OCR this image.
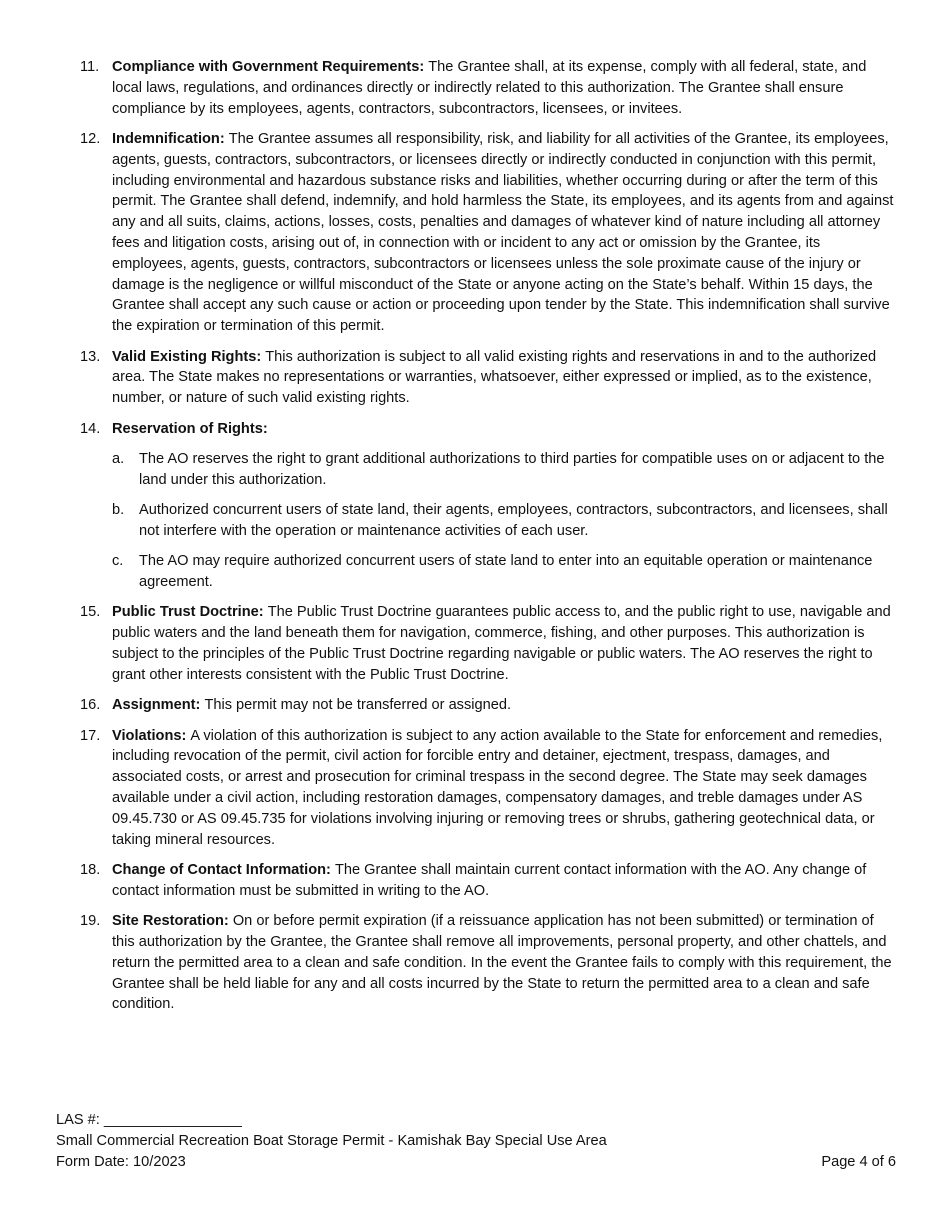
11. Compliance with Government Requirements: The Grantee shall, at its expense, comply with all federal, state, and local laws, regulations, and ordinances directly or indirectly related to this authorization. The Grantee shall ensure compliance by its employees, agents, contractors, subcontractors, licensees, or invitees.
12. Indemnification: The Grantee assumes all responsibility, risk, and liability for all activities of the Grantee, its employees, agents, guests, contractors, subcontractors, or licensees directly or indirectly conducted in conjunction with this permit, including environmental and hazardous substance risks and liabilities, whether occurring during or after the term of this permit. The Grantee shall defend, indemnify, and hold harmless the State, its employees, and its agents from and against any and all suits, claims, actions, losses, costs, penalties and damages of whatever kind of nature including all attorney fees and litigation costs, arising out of, in connection with or incident to any act or omission by the Grantee, its employees, agents, guests, contractors, subcontractors or licensees unless the sole proximate cause of the injury or damage is the negligence or willful misconduct of the State or anyone acting on the State’s behalf. Within 15 days, the Grantee shall accept any such cause or action or proceeding upon tender by the State. This indemnification shall survive the expiration or termination of this permit.
13. Valid Existing Rights: This authorization is subject to all valid existing rights and reservations in and to the authorized area. The State makes no representations or warranties, whatsoever, either expressed or implied, as to the existence, number, or nature of such valid existing rights.
14. Reservation of Rights:
a.	The AO reserves the right to grant additional authorizations to third parties for compatible uses on or adjacent to the land under this authorization.
b.	Authorized concurrent users of state land, their agents, employees, contractors, subcontractors, and licensees, shall not interfere with the operation or maintenance activities of each user.
c.	The AO may require authorized concurrent users of state land to enter into an equitable operation or maintenance agreement.
15. Public Trust Doctrine: The Public Trust Doctrine guarantees public access to, and the public right to use, navigable and public waters and the land beneath them for navigation, commerce, fishing, and other purposes. This authorization is subject to the principles of the Public Trust Doctrine regarding navigable or public waters. The AO reserves the right to grant other interests consistent with the Public Trust Doctrine.
16. Assignment: This permit may not be transferred or assigned.
17. Violations: A violation of this authorization is subject to any action available to the State for enforcement and remedies, including revocation of the permit, civil action for forcible entry and detainer, ejectment, trespass, damages, and associated costs, or arrest and prosecution for criminal trespass in the second degree. The State may seek damages available under a civil action, including restoration damages, compensatory damages, and treble damages under AS 09.45.730 or AS 09.45.735 for violations involving injuring or removing trees or shrubs, gathering geotechnical data, or taking mineral resources.
18. Change of Contact Information: The Grantee shall maintain current contact information with the AO. Any change of contact information must be submitted in writing to the AO.
19. Site Restoration: On or before permit expiration (if a reissuance application has not been submitted) or termination of this authorization by the Grantee, the Grantee shall remove all improvements, personal property, and other chattels, and return the permitted area to a clean and safe condition. In the event the Grantee fails to comply with this requirement, the Grantee shall be held liable for any and all costs incurred by the State to return the permitted area to a clean and safe condition.
LAS #: _________________
Small Commercial Recreation Boat Storage Permit - Kamishak Bay Special Use Area
Form Date: 10/2023	Page 4 of 6
